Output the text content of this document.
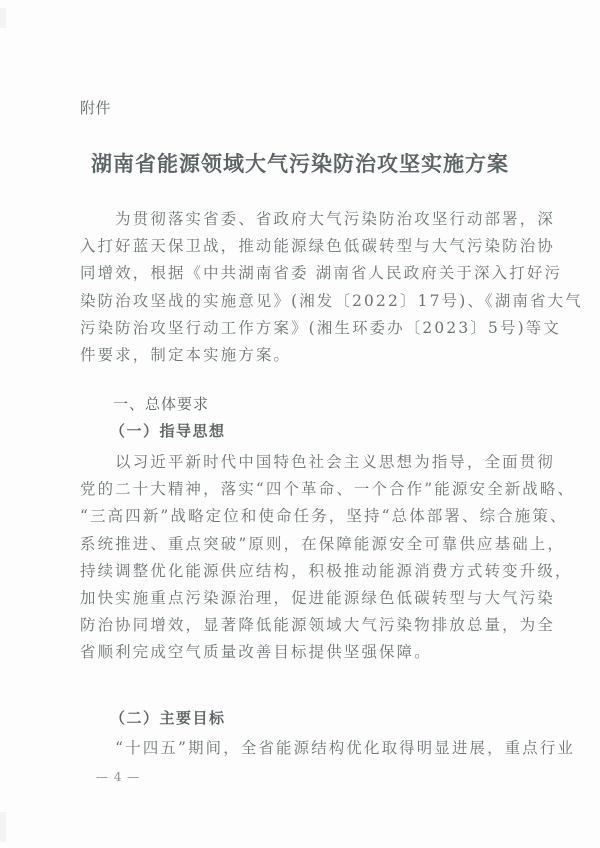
附件
湖南省能源领域大气污染防治攻坚实施方案
　　为贯彻落实省委、省政府大气污染防治攻坚行动部署，深
入打好蓝天保卫战，推动能源绿色低碳转型与大气污染防治协
同增效，根据《中共湖南省委 湖南省人民政府关于深入打好污
染防治攻坚战的实施意见》(湘发〔2022〕17号)、《湖南省大气
污染防治攻坚行动工作方案》(湘生环委办〔2023〕5号)等文
件要求，制定本实施方案。
一、总体要求
（一）指导思想
　　以习近平新时代中国特色社会主义思想为指导，全面贯彻
党的二十大精神，落实“四个革命、一个合作”能源安全新战略、
“三高四新”战略定位和使命任务，坚持“总体部署、综合施策、
系统推进、重点突破”原则，在保障能源安全可靠供应基础上，
持续调整优化能源供应结构，积极推动能源消费方式转变升级，
加快实施重点污染源治理，促进能源绿色低碳转型与大气污染
防治协同增效，显著降低能源领域大气污染物排放总量，为全
省顺利完成空气质量改善目标提供坚强保障。
（二）主要目标
　　“十四五”期间，全省能源结构优化取得明显进展，重点行业
— 4 —
